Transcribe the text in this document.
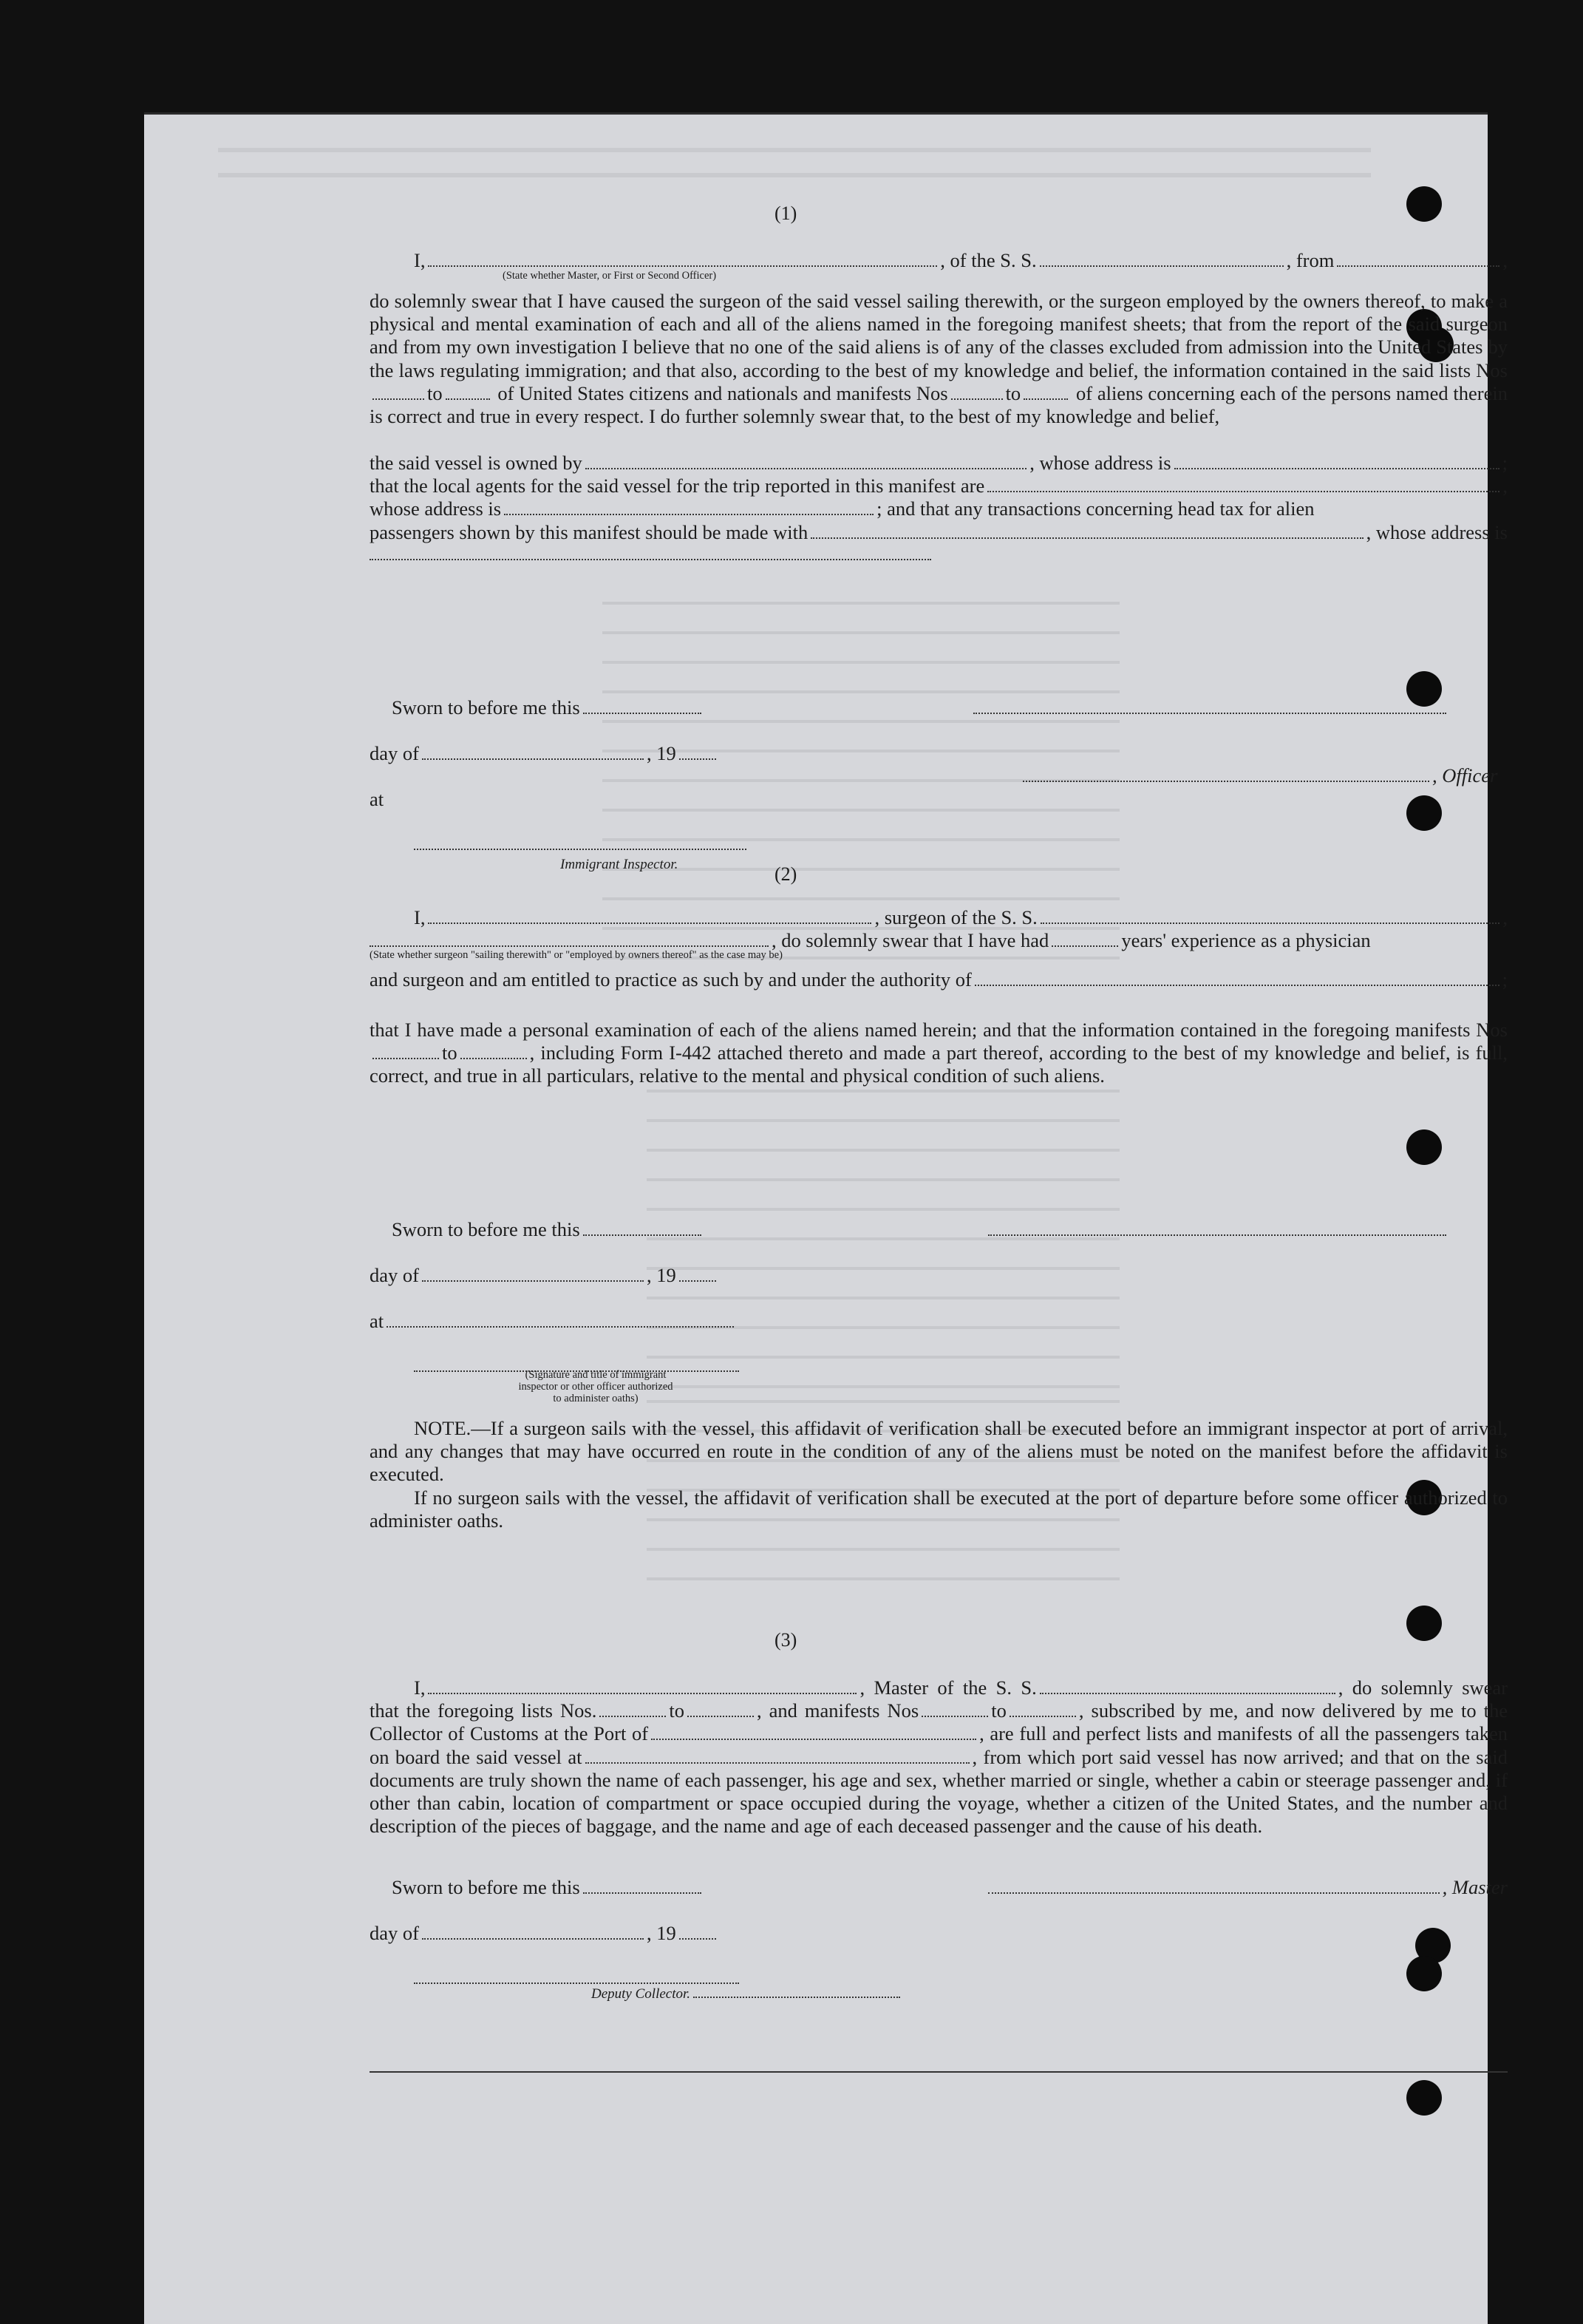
(1)
I,	, of the S. S.	, from	,
(State whether Master, or First or Second Officer)
do solemnly swear that I have caused the surgeon of the said vessel sailing therewith, or the surgeon employed by the owners thereof, to make a physical and mental examination of each and all of the aliens named in the foregoing manifest sheets; that from the report of the said surgeon and from my own investigation I believe that no one of the said aliens is of any of the classes excluded from admission into the United States by the laws regulating immigration; and that also, according to the best of my knowledge and belief, the information contained in the said lists Nosto	of United States citizens and nationals and manifests Nos	to	of aliens concerning each of the persons named therein is correct and true in every respect. I do further solemnly swear that, to the best of my knowledge and belief,
the said vessel is owned by	, whose address is	;
that the local agents for the said vessel for the trip reported in this manifest are	,
whose address is	; and that any transactions concerning head tax for alien
passengers shown by this manifest should be made with	, whose address is
Sworn to before me this
day of	, 19
, Officer
at
Immigrant Inspector.	(2)
I,	, surgeon of the S. S.	,
, do solemnly swear that I have had	years' experience as a physician
(State whether surgeon "sailing therewith" or "employed by owners thereof" as the case may be)
and surgeon and am entitled to practice as such by and under the authority of	;
that I have made a personal examination of each of the aliens named herein; and that the information contained in the foregoing manifests Nosto	, including Form I-442 attached thereto and made a part thereof, according to the best of my knowledge and belief, is full, correct, and true in all particulars, relative to the mental and physical condition of such aliens.
Sworn to before me this
day of	, 19
at
(Signature and title of immigrant inspector or other officer authorized to administer oaths)
NOTE.—If a surgeon sails with the vessel, this affidavit of verification shall be executed before an immigrant inspector at port of arrival, and any changes that may have occurred en route in the condition of any of the aliens must be noted on the manifest before the affidavit is executed.
If no surgeon sails with the vessel, the affidavit of verification shall be executed at the port of departure before some officer authorized to administer oaths.
(3)
I,	, Master of the S. S.	, do solemnly swear that the foregoing lists Nos.	to	, and manifests Nos	to	, subscribed by me, and now delivered by me to the Collector of Customs at the Port of	, are full and perfect lists and manifests of all the passengers taken on board the said vessel at	, from which port said vessel has now arrived; and that on the said documents are truly shown the name of each passenger, his age and sex, whether married or single, whether a cabin or steerage passenger and, if other than cabin, location of compartment or space occupied during the voyage, whether a citizen of the United States, and the number and description of the pieces of baggage, and the name and age of each deceased passenger and the cause of his death.
Sworn to before me this	, Master
day of	, 19
Deputy Collector.
